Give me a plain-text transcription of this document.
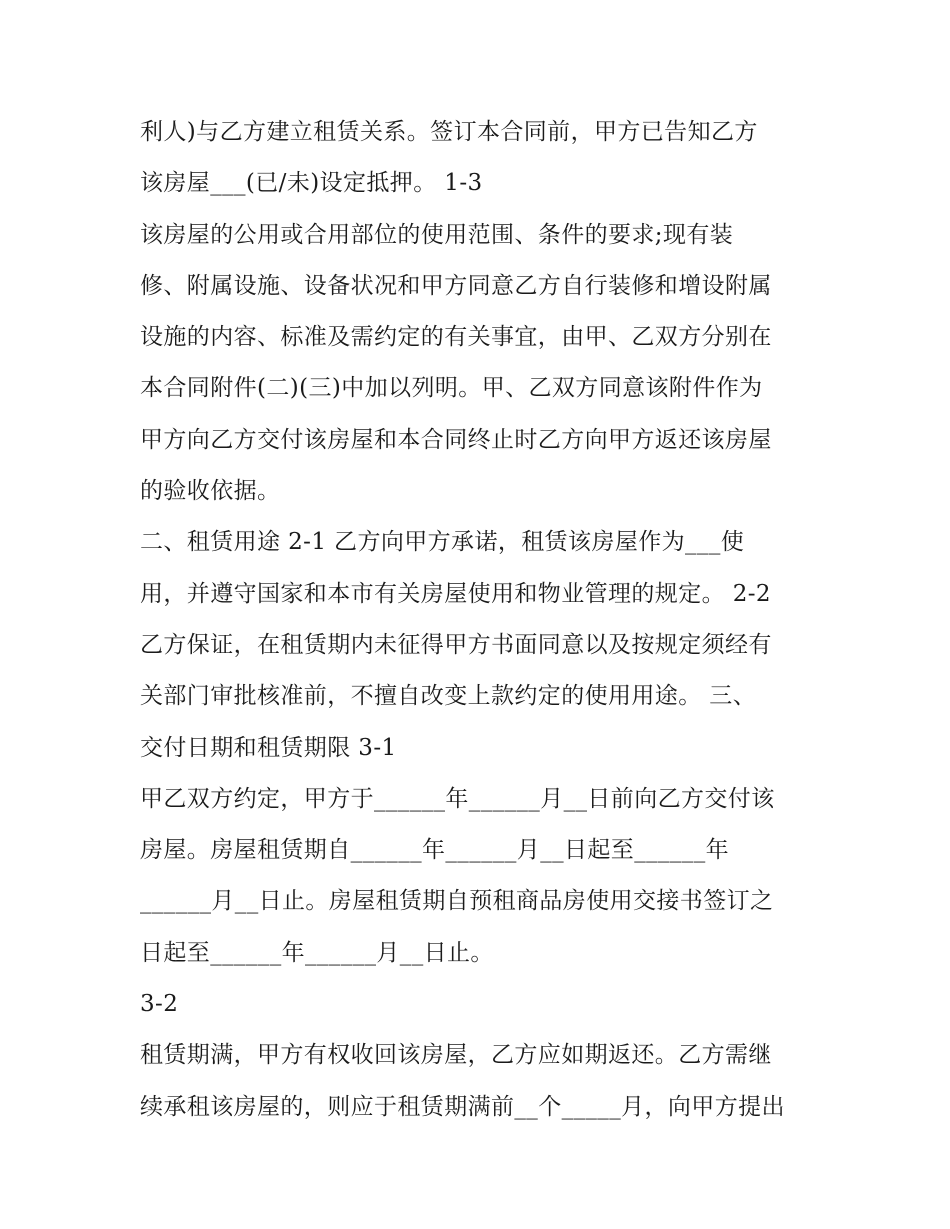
利人)与乙方建立租赁关系。签订本合同前，甲方已告知乙方
该房屋___(已/未)设定抵押。 1-3
该房屋的公用或合用部位的使用范围、条件的要求;现有装
修、附属设施、设备状况和甲方同意乙方自行装修和增设附属
设施的内容、标准及需约定的有关事宜，由甲、乙双方分别在
本合同附件(二)(三)中加以列明。甲、乙双方同意该附件作为
甲方向乙方交付该房屋和本合同终止时乙方向甲方返还该房屋
的验收依据。
二、租赁用途 2-1 乙方向甲方承诺，租赁该房屋作为___使
用，并遵守国家和本市有关房屋使用和物业管理的规定。 2-2
乙方保证，在租赁期内未征得甲方书面同意以及按规定须经有
关部门审批核准前，不擅自改变上款约定的使用用途。 三、
交付日期和租赁期限 3-1
甲乙双方约定，甲方于______年______月__日前向乙方交付该
房屋。房屋租赁期自______年______月__日起至______年
______月__日止。房屋租赁期自预租商品房使用交接书签订之
日起至______年______月__日止。
3-2
租赁期满，甲方有权收回该房屋，乙方应如期返还。乙方需继
续承租该房屋的，则应于租赁期满前__个_____月，向甲方提出
